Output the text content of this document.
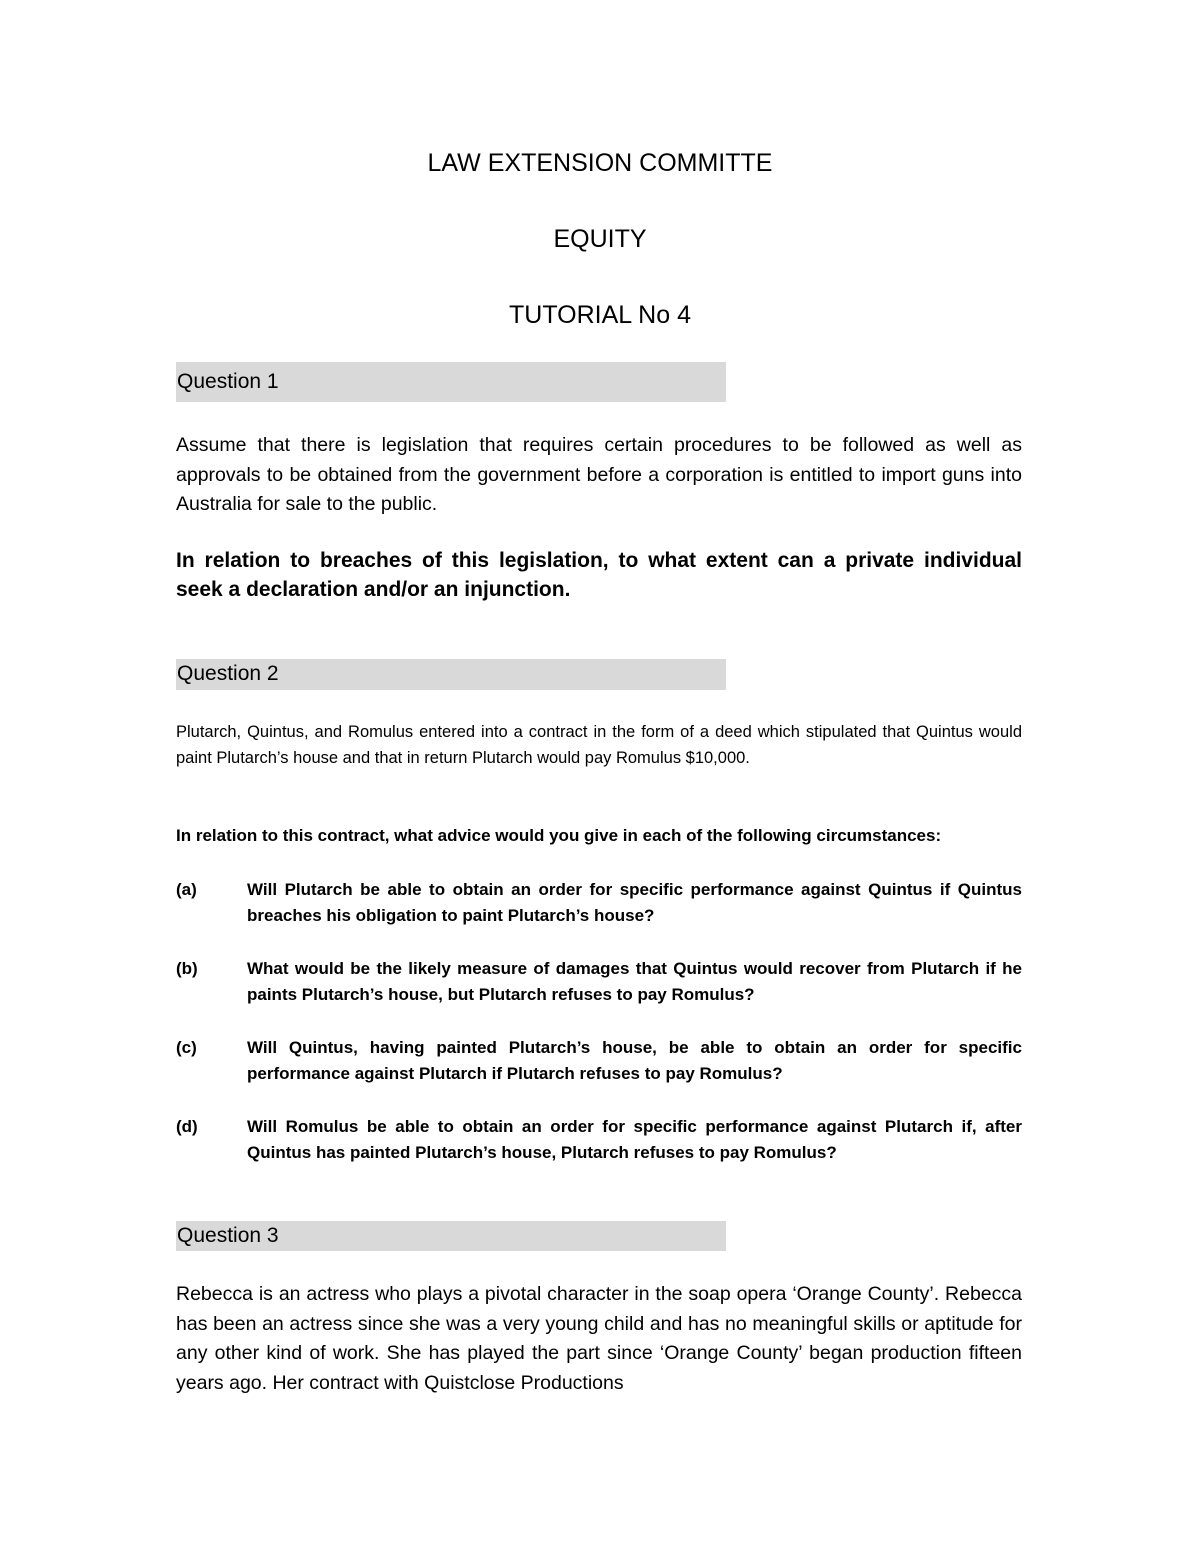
LAW EXTENSION COMMITTE
EQUITY
TUTORIAL No 4
Question 1
Assume that there is legislation that requires certain procedures to be followed as well as approvals to be obtained from the government before a corporation is entitled to import guns into Australia for sale to the public.
In relation to breaches of this legislation, to what extent can a private individual seek a declaration and/or an injunction.
Question 2
Plutarch, Quintus, and Romulus entered into a contract in the form of a deed which stipulated that Quintus would paint Plutarch’s house and that in return Plutarch would pay Romulus $10,000.
In relation to this contract, what advice would you give in each of the following circumstances:
(a)	Will Plutarch be able to obtain an order for specific performance against Quintus if Quintus breaches his obligation to paint Plutarch’s house?
(b)	What would be the likely measure of damages that Quintus would recover from Plutarch if he paints Plutarch’s house, but Plutarch refuses to pay Romulus?
(c)	Will Quintus, having painted Plutarch’s house, be able to obtain an order for specific performance against Plutarch if Plutarch refuses to pay Romulus?
(d)	Will Romulus be able to obtain an order for specific performance against Plutarch if, after Quintus has painted Plutarch’s house, Plutarch refuses to pay Romulus?
Question 3
Rebecca is an actress who plays a pivotal character in the soap opera ‘Orange County’. Rebecca has been an actress since she was a very young child and has no meaningful skills or aptitude for any other kind of work. She has played the part since ‘Orange County’ began production fifteen years ago. Her contract with Quistclose Productions
